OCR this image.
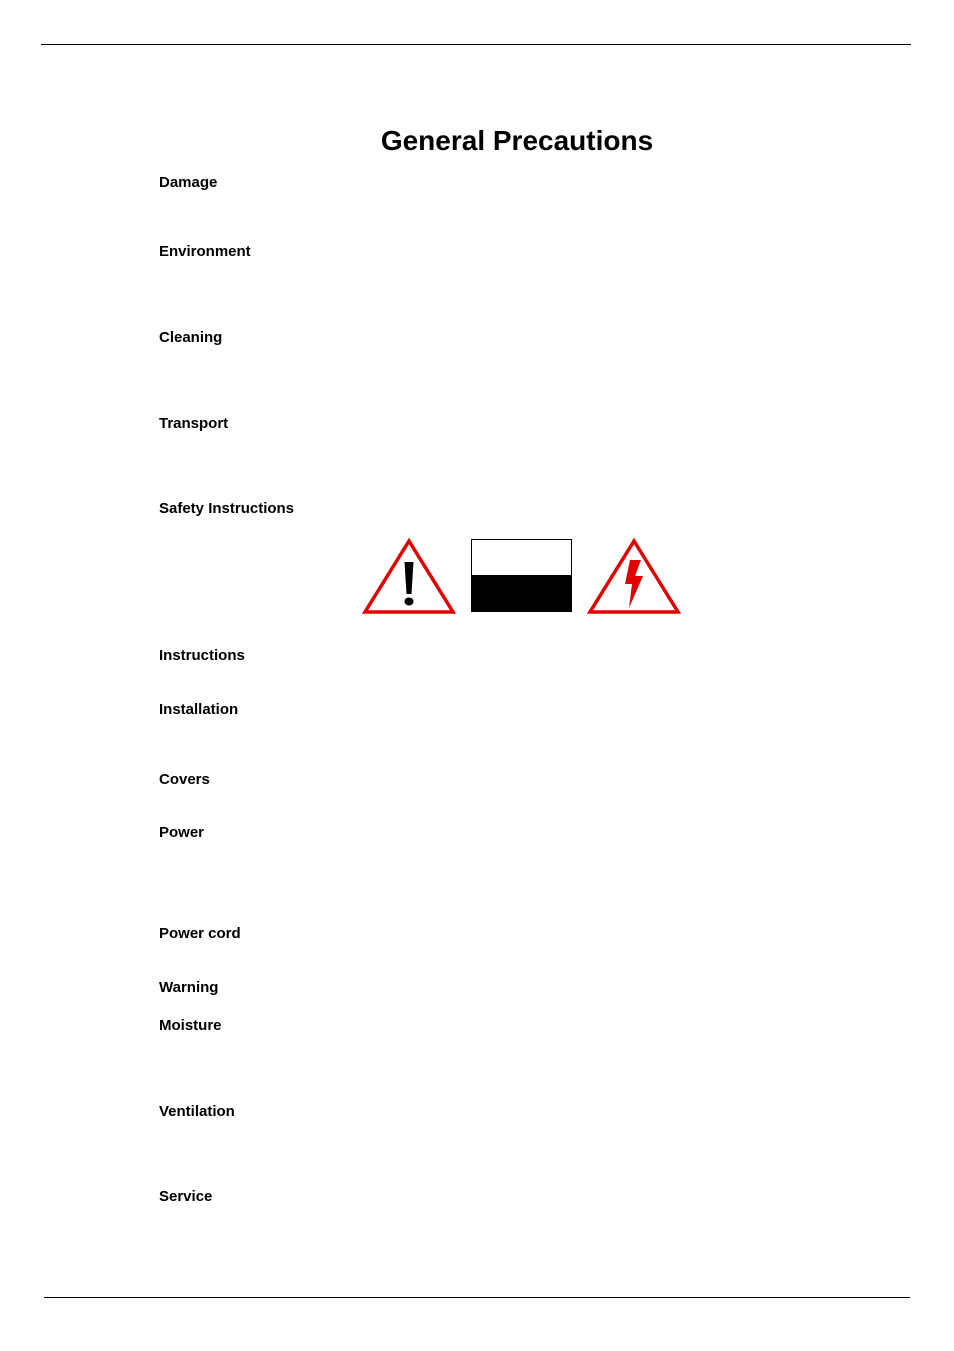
General Precautions
Damage
Environment
Cleaning
Transport
Safety Instructions
Instructions
Installation
Covers
Power
Power cord
Warning
Moisture
Ventilation
Service
